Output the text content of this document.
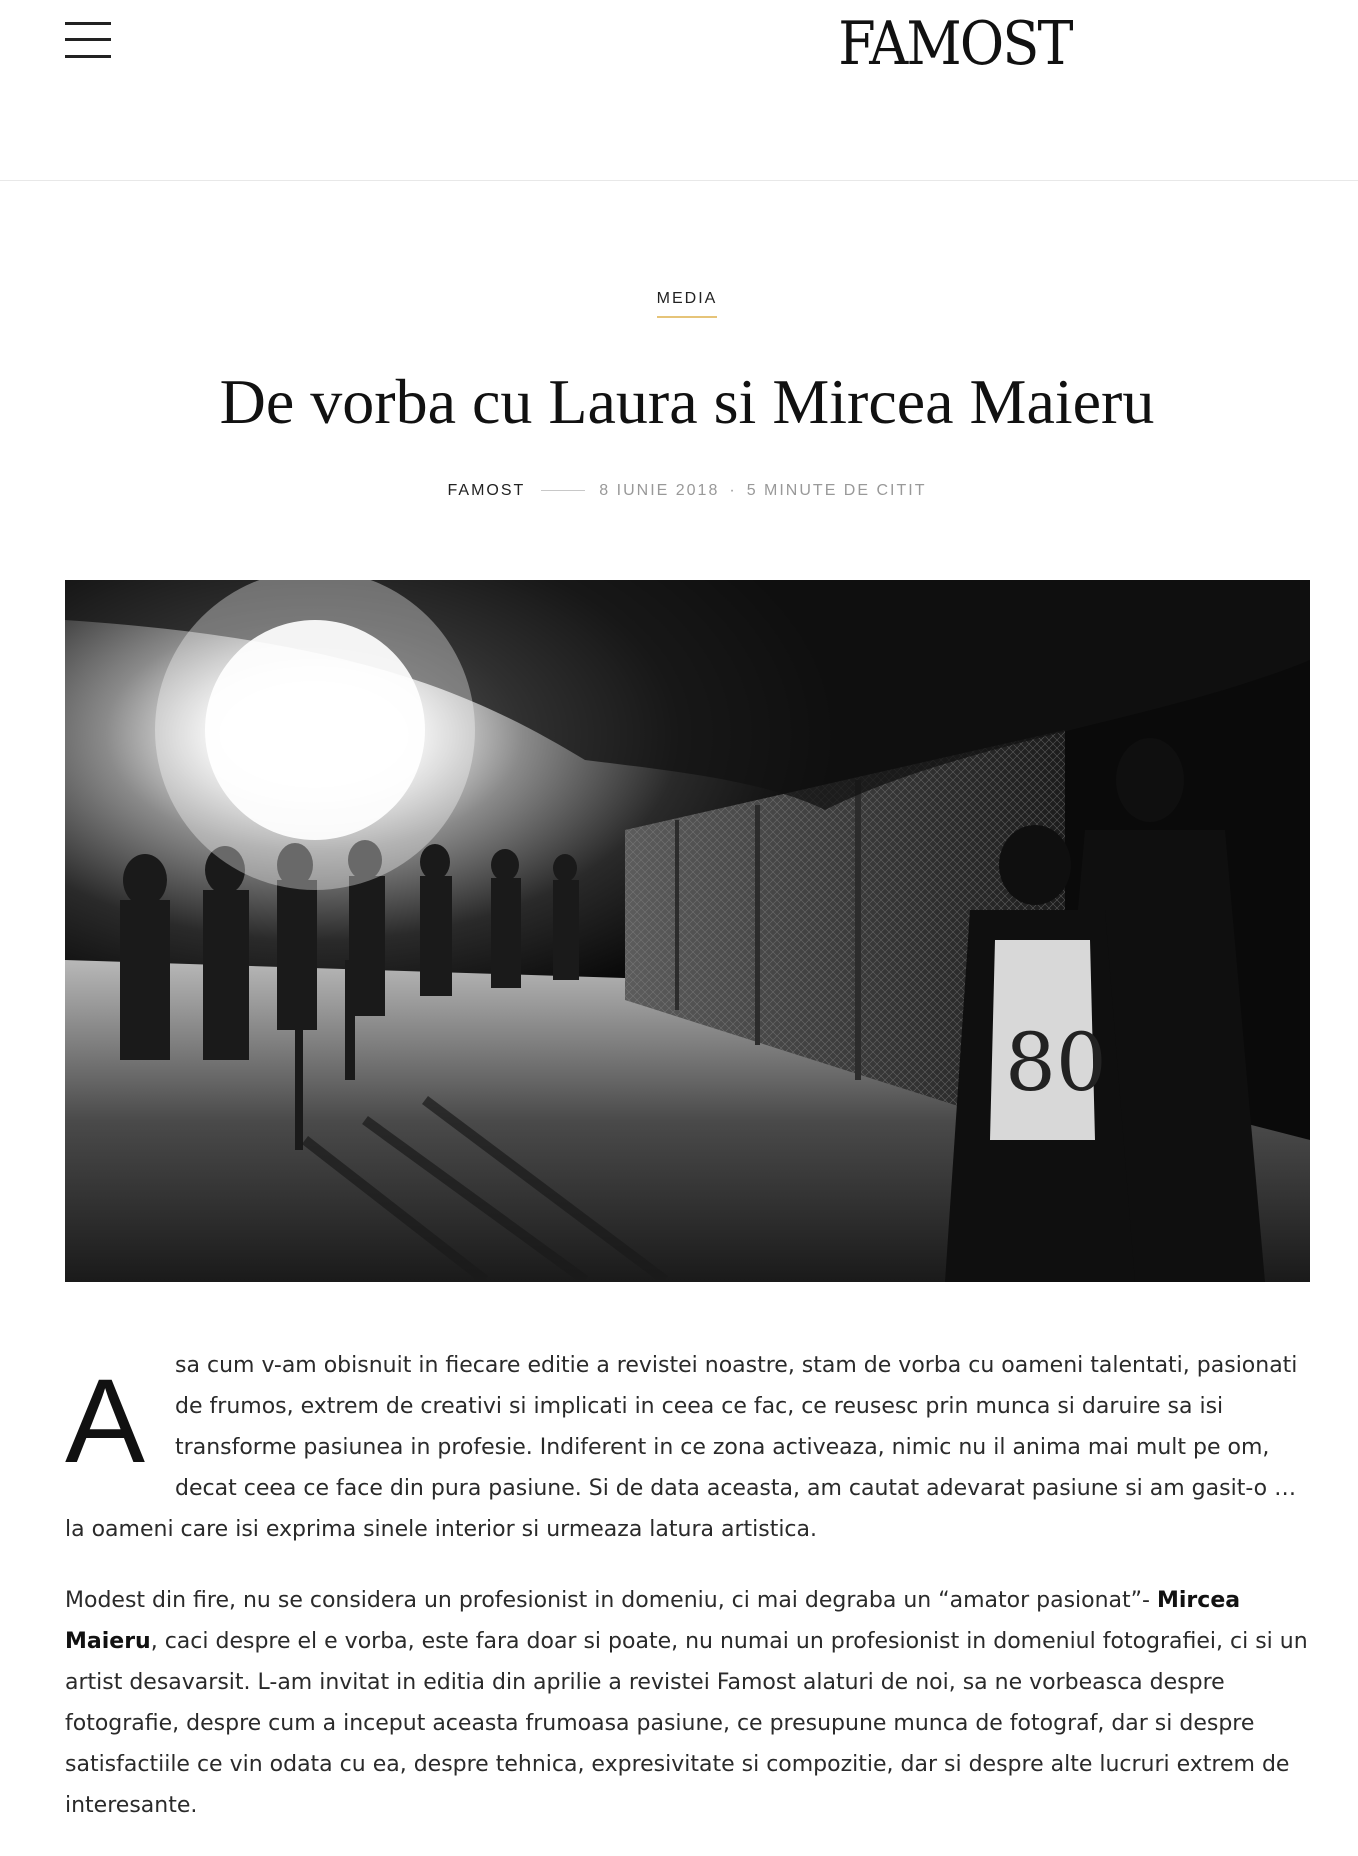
FAMOST
MEDIA
De vorba cu Laura si Mircea Maieru
FAMOST	8 IUNIE 2018 · 5 MINUTE DE CITIT
80

A sa cum v-am obisnuit in fiecare editie a revistei noastre, stam de vorba cu oameni talentati, pasionati de frumos, extrem de creativi si implicati in ceea ce fac, ce reusesc prin munca si daruire sa isi transforme pasiunea in profesie. Indiferent in ce zona activeaza, nimic nu il anima mai mult pe om, decat ceea ce face din pura pasiune. Si de data aceasta, am cautat adevarat pasiune si am gasit-o … la oameni care isi exprima sinele interior si urmeaza latura artistica.

Modest din fire, nu se considera un profesionist in domeniu, ci mai degraba un “amator pasionat”- Mircea Maieru, caci despre el e vorba, este fara doar si poate, nu numai un profesionist in domeniul fotografiei, ci si un artist desavarsit. L-am invitat in editia din aprilie a revistei Famost alaturi de noi, sa ne vorbeasca despre fotografie, despre cum a inceput aceasta frumoasa pasiune, ce presupune munca de fotograf, dar si despre satisfactiile ce vin odata cu ea, despre tehnica, expresivitate si compozitie, dar si despre alte lucruri extrem de interesante.
